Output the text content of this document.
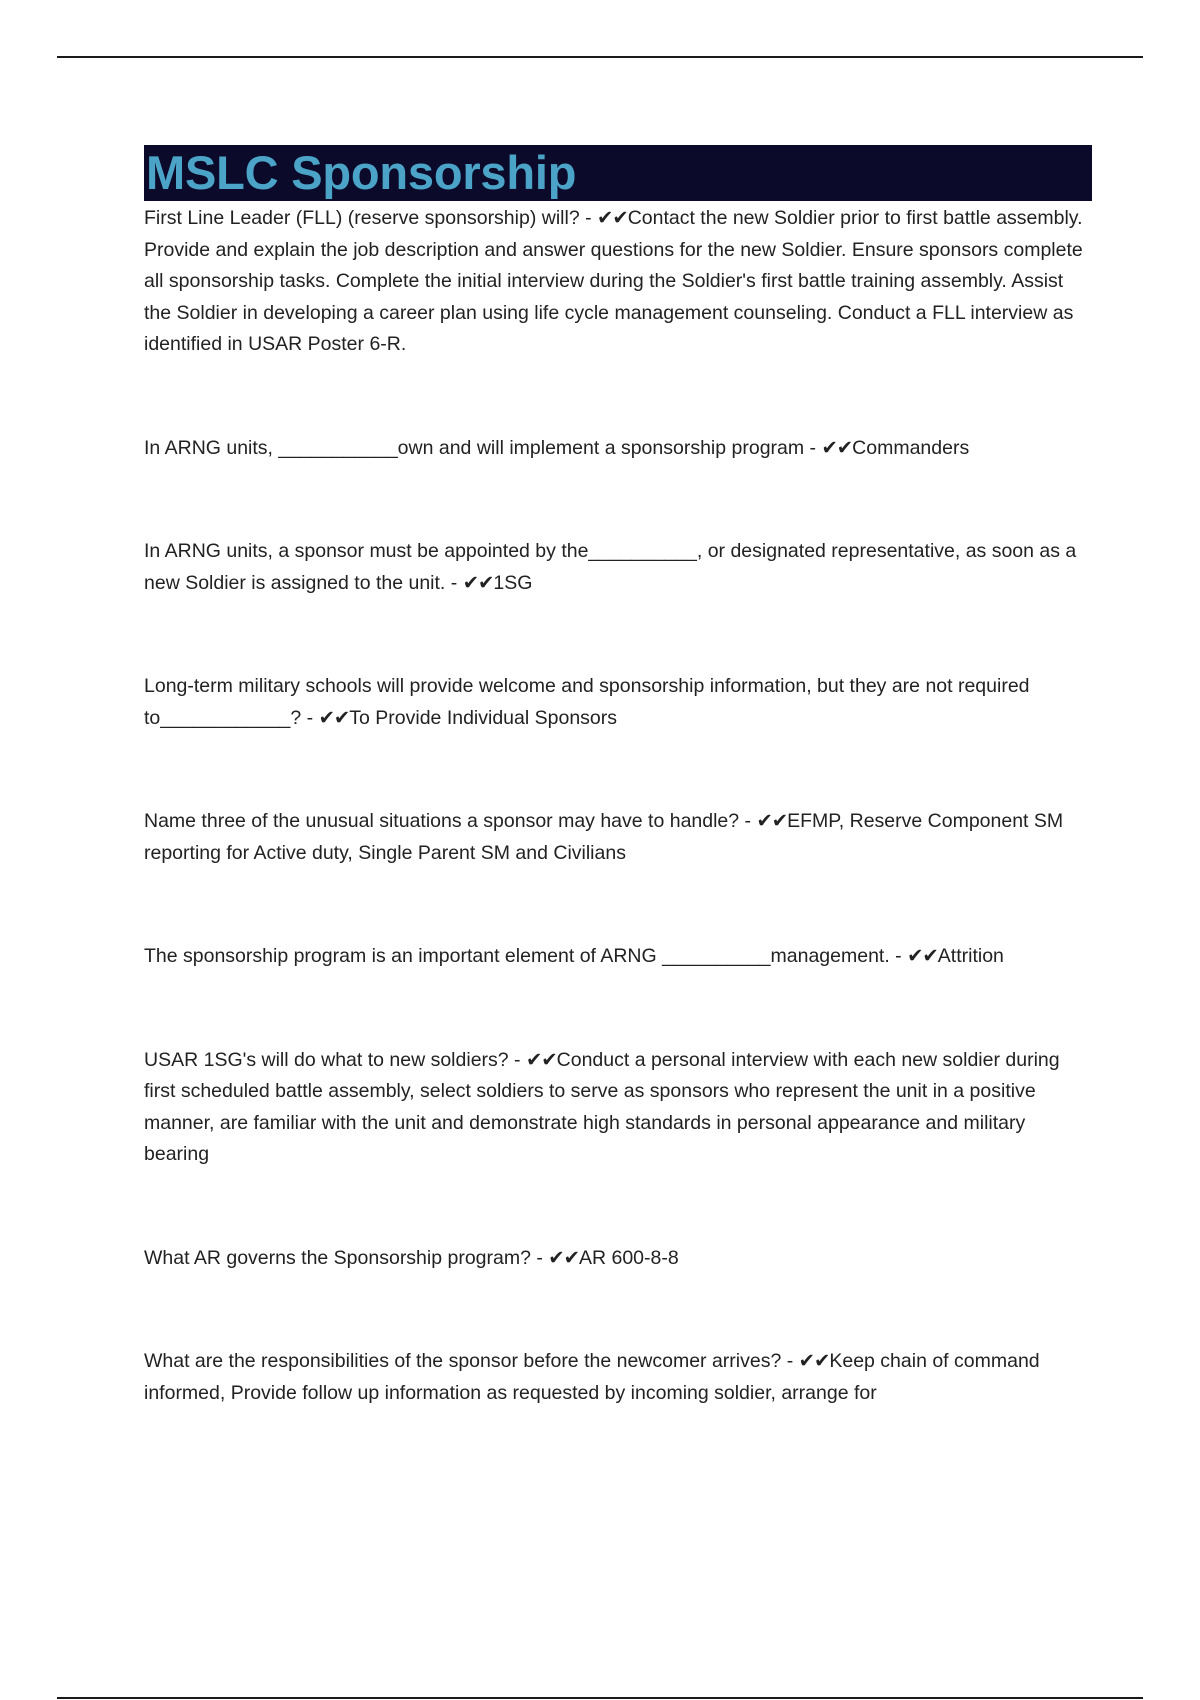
MSLC Sponsorship

First Line Leader (FLL) (reserve sponsorship) will? - ✔✔Contact the new Soldier prior to first battle assembly. Provide and explain the job description and answer questions for the new Soldier. Ensure sponsors complete all sponsorship tasks. Complete the initial interview during the Soldier's first battle training assembly. Assist the Soldier in developing a career plan using life cycle management counseling. Conduct a FLL interview as identified in USAR Poster 6-R.

In ARNG units, ___________own and will implement a sponsorship program - ✔✔Commanders

In ARNG units, a sponsor must be appointed by the__________, or designated representative, as soon as a new Soldier is assigned to the unit. - ✔✔1SG

Long-term military schools will provide welcome and sponsorship information, but they are not required to____________? - ✔✔To Provide Individual Sponsors

Name three of the unusual situations a sponsor may have to handle? - ✔✔EFMP, Reserve Component SM reporting for Active duty, Single Parent SM and Civilians

The sponsorship program is an important element of ARNG __________management. - ✔✔Attrition

USAR 1SG's will do what to new soldiers? - ✔✔Conduct a personal interview with each new soldier during first scheduled battle assembly, select soldiers to serve as sponsors who represent the unit in a positive manner, are familiar with the unit and demonstrate high standards in personal appearance and military bearing

What AR governs the Sponsorship program? - ✔✔AR 600-8-8

What are the responsibilities of the sponsor before the newcomer arrives? - ✔✔Keep chain of command informed, Provide follow up information as requested by incoming soldier, arrange for
